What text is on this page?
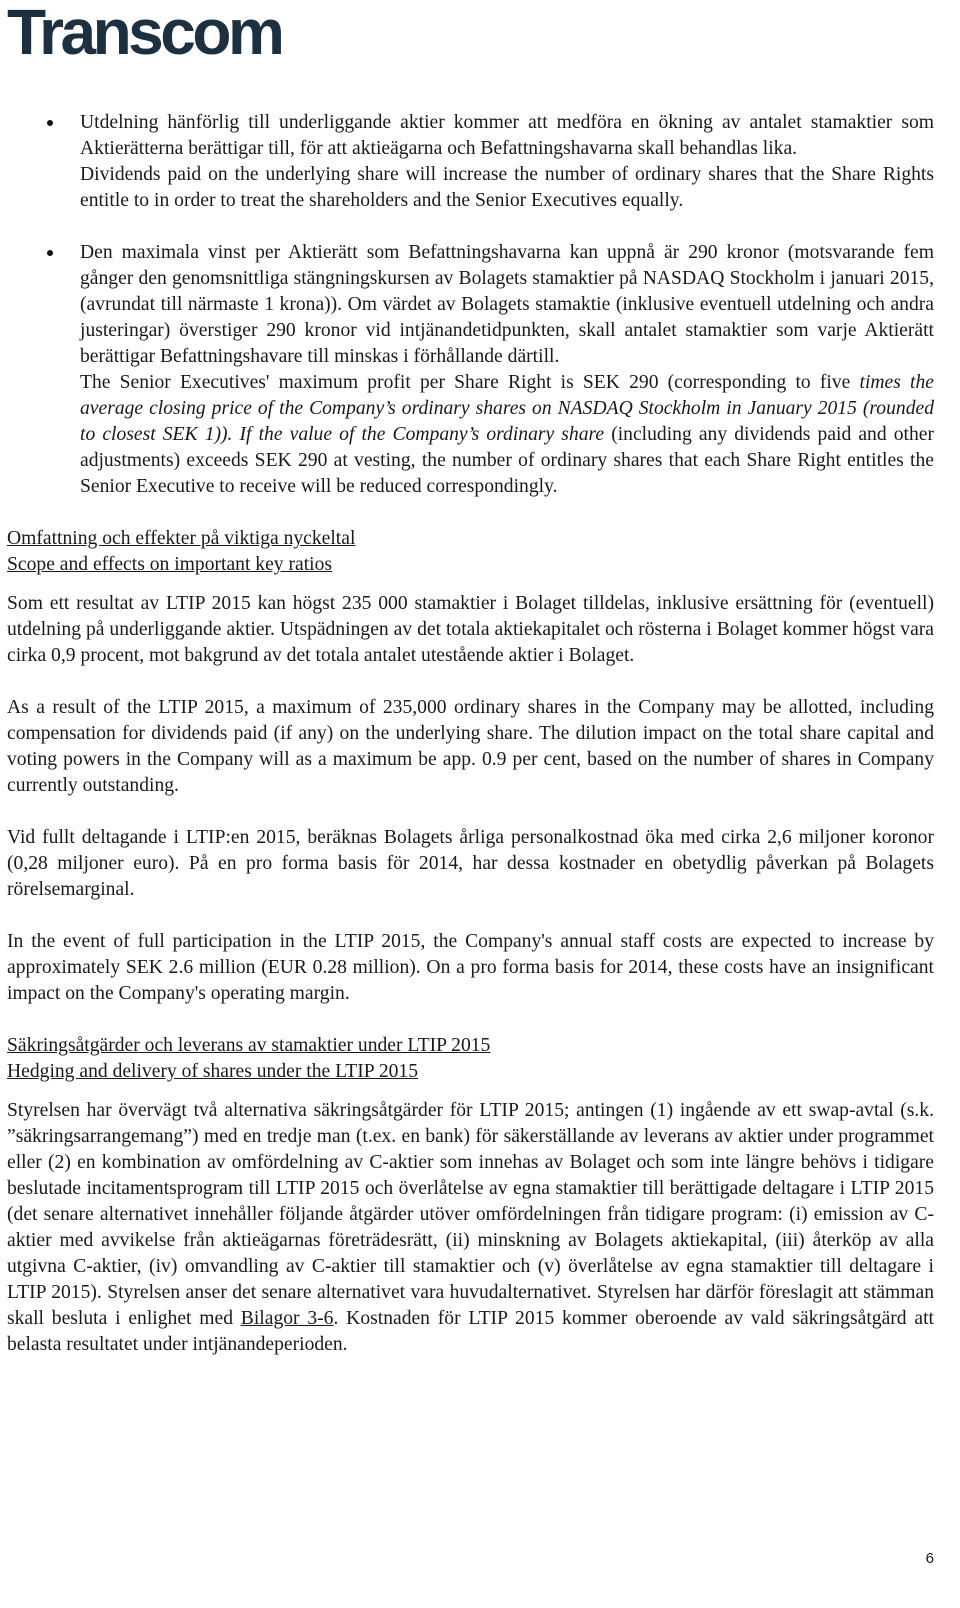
Transcom

Utdelning hänförlig till underliggande aktier kommer att medföra en ökning av antalet stamaktier som Aktierätterna berättigar till, för att aktieägarna och Befattningshavarna skall behandlas lika.

Dividends paid on the underlying share will increase the number of ordinary shares that the Share Rights entitle to in order to treat the shareholders and the Senior Executives equally.

Den maximala vinst per Aktierätt som Befattningshavarna kan uppnå är 290 kronor (motsvarande fem gånger den genomsnittliga stängningskursen av Bolagets stamaktier på NASDAQ Stockholm i januari 2015, (avrundat till närmaste 1 krona)). Om värdet av Bolagets stamaktie (inklusive eventuell utdelning och andra justeringar) överstiger 290 kronor vid intjänandetidpunkten, skall antalet stamaktier som varje Aktierätt berättigar Befattningshavare till minskas i förhållande därtill.

The Senior Executives' maximum profit per Share Right is SEK 290 (corresponding to five times the average closing price of the Company’s ordinary shares on NASDAQ Stockholm in January 2015 (rounded to closest SEK 1)). If the value of the Company’s ordinary share (including any dividends paid and other adjustments) exceeds SEK 290 at vesting, the number of ordinary shares that each Share Right entitles the Senior Executive to receive will be reduced correspondingly.

Omfattning och effekter på viktiga nyckeltal

Scope and effects on important key ratios

Som ett resultat av LTIP 2015 kan högst 235 000 stamaktier i Bolaget tilldelas, inklusive ersättning för (eventuell) utdelning på underliggande aktier. Utspädningen av det totala aktiekapitalet och rösterna i Bolaget kommer högst vara cirka 0,9 procent, mot bakgrund av det totala antalet utestående aktier i Bolaget.

As a result of the LTIP 2015, a maximum of 235,000 ordinary shares in the Company may be allotted, including compensation for dividends paid (if any) on the underlying share. The dilution impact on the total share capital and voting powers in the Company will as a maximum be app. 0.9 per cent, based on the number of shares in Company currently outstanding.

Vid fullt deltagande i LTIP:en 2015, beräknas Bolagets årliga personalkostnad öka med cirka 2,6 miljoner koronor (0,28 miljoner euro). På en pro forma basis för 2014, har dessa kostnader en obetydlig påverkan på Bolagets rörelsemarginal.

In the event of full participation in the LTIP 2015, the Company's annual staff costs are expected to increase by approximately SEK 2.6 million (EUR 0.28 million). On a pro forma basis for 2014, these costs have an insignificant impact on the Company's operating margin.

Säkringsåtgärder och leverans av stamaktier under LTIP 2015

Hedging and delivery of shares under the LTIP 2015

Styrelsen har övervägt två alternativa säkringsåtgärder för LTIP 2015; antingen (1) ingående av ett swap-avtal (s.k. ”säkringsarrangemang”) med en tredje man (t.ex. en bank) för säkerställande av leverans av aktier under programmet eller (2) en kombination av omfördelning av C-aktier som innehas av Bolaget och som inte längre behövs i tidigare beslutade incitamentsprogram till LTIP 2015 och överlåtelse av egna stamaktier till berättigade deltagare i LTIP 2015 (det senare alternativet innehåller följande åtgärder utöver omfördelningen från tidigare program: (i) emission av C-aktier med avvikelse från aktieägarnas företrädesrätt, (ii) minskning av Bolagets aktiekapital, (iii) återköp av alla utgivna C-aktier, (iv) omvandling av C-aktier till stamaktier och (v) överlåtelse av egna stamaktier till deltagare i LTIP 2015). Styrelsen anser det senare alternativet vara huvudalternativet. Styrelsen har därför föreslagit att stämman skall besluta i enlighet med Bilagor 3-6. Kostnaden för LTIP 2015 kommer oberoende av vald säkringsåtgärd att belasta resultatet under intjänandeperioden.

6
